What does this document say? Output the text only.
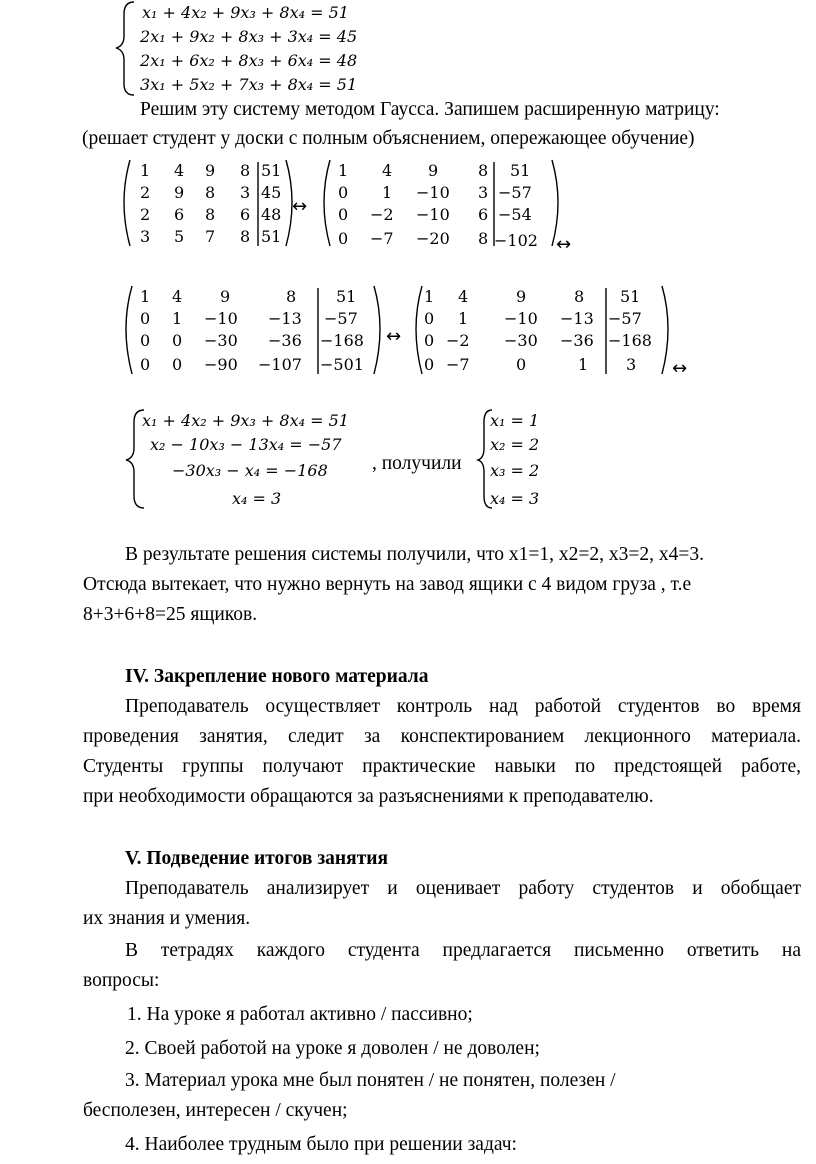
x₁ + 4x₂ + 9x₃ + 8x₄ = 51
2x₁ + 9x₂ + 8x₃ + 3x₄ = 45
2x₁ + 6x₂ + 8x₃ + 6x₄ = 48
3x₁ + 5x₂ + 7x₃ + 8x₄ = 51
Решим эту систему методом Гаусса. Запишем расширенную матрицу:
(решает студент у доски с полным объяснением, опережающее обучение)
1 4 9 8 51
2 9 8 3 45
2 6 8 6 48
3 5 7 8 51
↔
1 4 9 8 51
0 1 −10 3 −57
0 −2 −10 6 −54
0 −7 −20 8 −102 ↔
1 4 9	8 51
0 1 −10 −13 −57
0 0 −30 −36 −168
0 0 −90 −107 −501
↔
1 4	9	8 51
0 1 −10 −13 −57
0 −2 −30 −36 −168
0 −7	0	1 3 ↔
x₁ + 4x₂ + 9x₃ + 8x₄ = 51
x₂ − 10x₃ − 13x₄ = −57
−30x₃ − x₄ = −168
x₄ = 3
, получили
x₁ = 1
x₂ = 2
x₃ = 2
x₄ = 3
В результате решения системы получили, что x1=1, x2=2, x3=2, x4=3.
Отсюда вытекает, что нужно вернуть на завод ящики с 4 видом груза , т.е
8+3+6+8=25 ящиков.
IV. Закрепление нового материала
Преподаватель осуществляет контроль над работой студентов во время
проведения занятия, следит за конспектированием лекционного материала.
Студенты группы получают практические навыки по предстоящей работе,
при необходимости обращаются за разъяснениями к преподавателю.
V. Подведение итогов занятия
Преподаватель анализирует и оценивает работу студентов и обобщает
их знания и умения.
В тетрадях каждого студента предлагается письменно ответить на
вопросы:
1. На уроке я работал активно / пассивно;
2. Своей работой на уроке я доволен / не доволен;
3. Материал урока мне был понятен / не понятен, полезен /
бесполезен, интересен / скучен;
4. Наиболее трудным было при решении задач:
